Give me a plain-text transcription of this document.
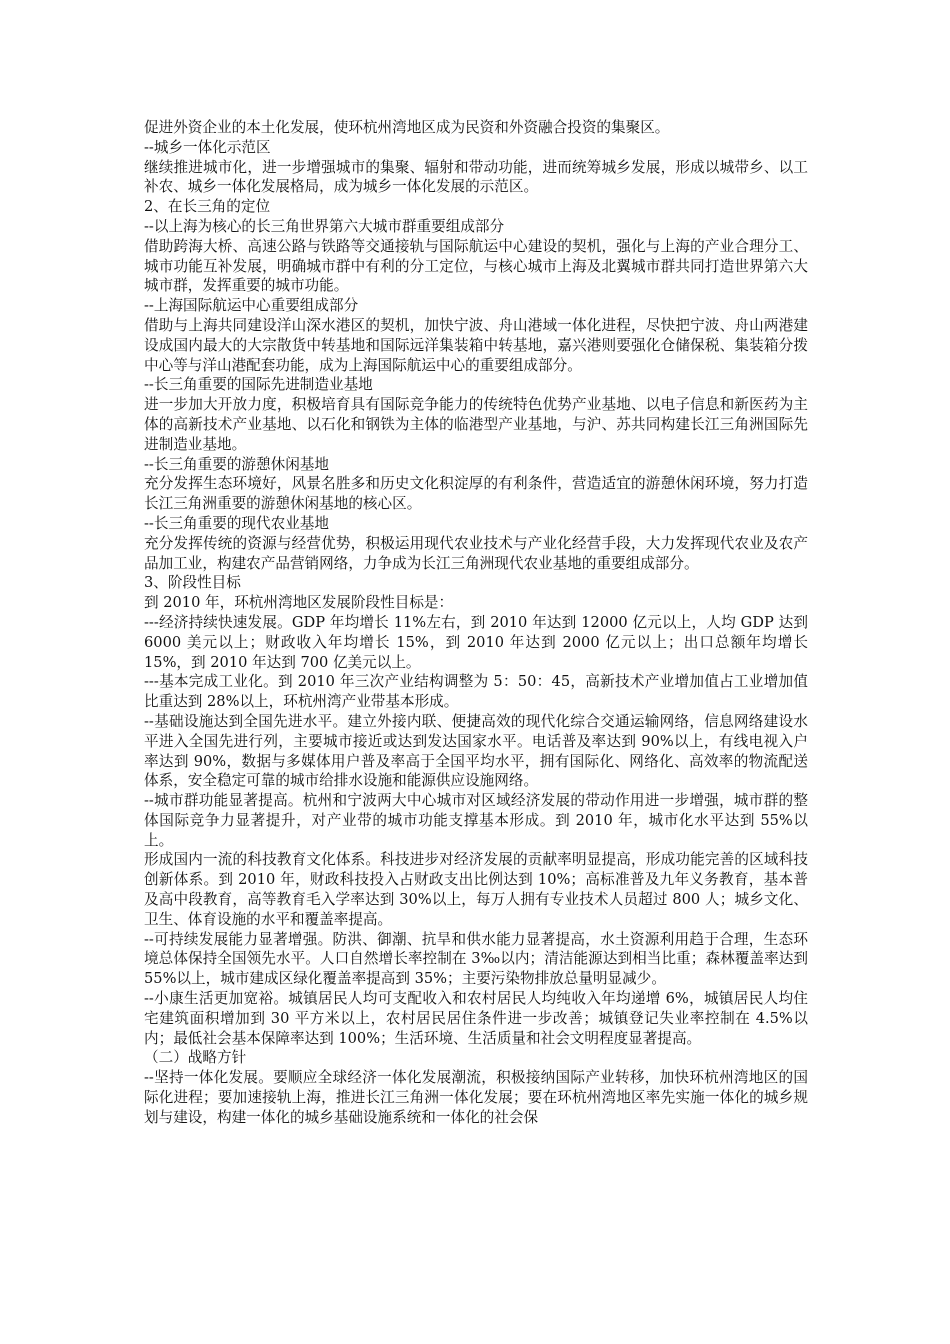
促进外资企业的本土化发展，使环杭州湾地区成为民资和外资融合投资的集聚区。

--城乡一体化示范区

继续推进城市化，进一步增强城市的集聚、辐射和带动功能，进而统筹城乡发展，形成以城带乡、以工补农、城乡一体化发展格局，成为城乡一体化发展的示范区。

2、在长三角的定位

--以上海为核心的长三角世界第六大城市群重要组成部分

借助跨海大桥、高速公路与铁路等交通接轨与国际航运中心建设的契机，强化与上海的产业合理分工、城市功能互补发展，明确城市群中有利的分工定位，与核心城市上海及北翼城市群共同打造世界第六大城市群，发挥重要的城市功能。

--上海国际航运中心重要组成部分

借助与上海共同建设洋山深水港区的契机，加快宁波、舟山港域一体化进程，尽快把宁波、舟山两港建设成国内最大的大宗散货中转基地和国际远洋集装箱中转基地，嘉兴港则要强化仓储保税、集装箱分拨中心等与洋山港配套功能，成为上海国际航运中心的重要组成部分。

--长三角重要的国际先进制造业基地

进一步加大开放力度，积极培育具有国际竞争能力的传统特色优势产业基地、以电子信息和新医药为主体的高新技术产业基地、以石化和钢铁为主体的临港型产业基地，与沪、苏共同构建长江三角洲国际先进制造业基地。

--长三角重要的游憩休闲基地

充分发挥生态环境好，风景名胜多和历史文化积淀厚的有利条件，营造适宜的游憩休闲环境，努力打造长江三角洲重要的游憩休闲基地的核心区。

--长三角重要的现代农业基地

充分发挥传统的资源与经营优势，积极运用现代农业技术与产业化经营手段，大力发挥现代农业及农产品加工业，构建农产品营销网络，力争成为长江三角洲现代农业基地的重要组成部分。

3、阶段性目标

到 2010 年，环杭州湾地区发展阶段性目标是：

---经济持续快速发展。GDP 年均增长 11%左右，到 2010 年达到 12000 亿元以上，人均 GDP 达到 6000 美元以上；财政收入年均增长 15%，到 2010 年达到 2000 亿元以上；出口总额年均增长 15%，到 2010 年达到 700 亿美元以上。

---基本完成工业化。到 2010 年三次产业结构调整为 5：50：45，高新技术产业增加值占工业增加值比重达到 28%以上，环杭州湾产业带基本形成。

--基础设施达到全国先进水平。建立外接内联、便捷高效的现代化综合交通运输网络，信息网络建设水平进入全国先进行列，主要城市接近或达到发达国家水平。电话普及率达到 90%以上，有线电视入户率达到 90%，数据与多媒体用户普及率高于全国平均水平，拥有国际化、网络化、高效率的物流配送体系，安全稳定可靠的城市给排水设施和能源供应设施网络。

--城市群功能显著提高。杭州和宁波两大中心城市对区域经济发展的带动作用进一步增强，城市群的整体国际竞争力显著提升，对产业带的城市功能支撑基本形成。到 2010 年，城市化水平达到 55%以上。

形成国内一流的科技教育文化体系。科技进步对经济发展的贡献率明显提高，形成功能完善的区域科技创新体系。到 2010 年，财政科技投入占财政支出比例达到 10%；高标准普及九年义务教育，基本普及高中段教育，高等教育毛入学率达到 30%以上，每万人拥有专业技术人员超过 800 人；城乡文化、卫生、体育设施的水平和覆盖率提高。

--可持续发展能力显著增强。防洪、御潮、抗旱和供水能力显著提高，水土资源利用趋于合理，生态环境总体保持全国领先水平。人口自然增长率控制在 3‰以内；清洁能源达到相当比重；森林覆盖率达到 55%以上，城市建成区绿化覆盖率提高到 35%；主要污染物排放总量明显减少。

--小康生活更加宽裕。城镇居民人均可支配收入和农村居民人均纯收入年均递增 6%，城镇居民人均住宅建筑面积增加到 30 平方米以上，农村居民居住条件进一步改善；城镇登记失业率控制在 4.5%以内；最低社会基本保障率达到 100%；生活环境、生活质量和社会文明程度显著提高。

（二）战略方针

--坚持一体化发展。要顺应全球经济一体化发展潮流，积极接纳国际产业转移，加快环杭州湾地区的国际化进程；要加速接轨上海，推进长江三角洲一体化发展；要在环杭州湾地区率先实施一体化的城乡规划与建设，构建一体化的城乡基础设施系统和一体化的社会保
